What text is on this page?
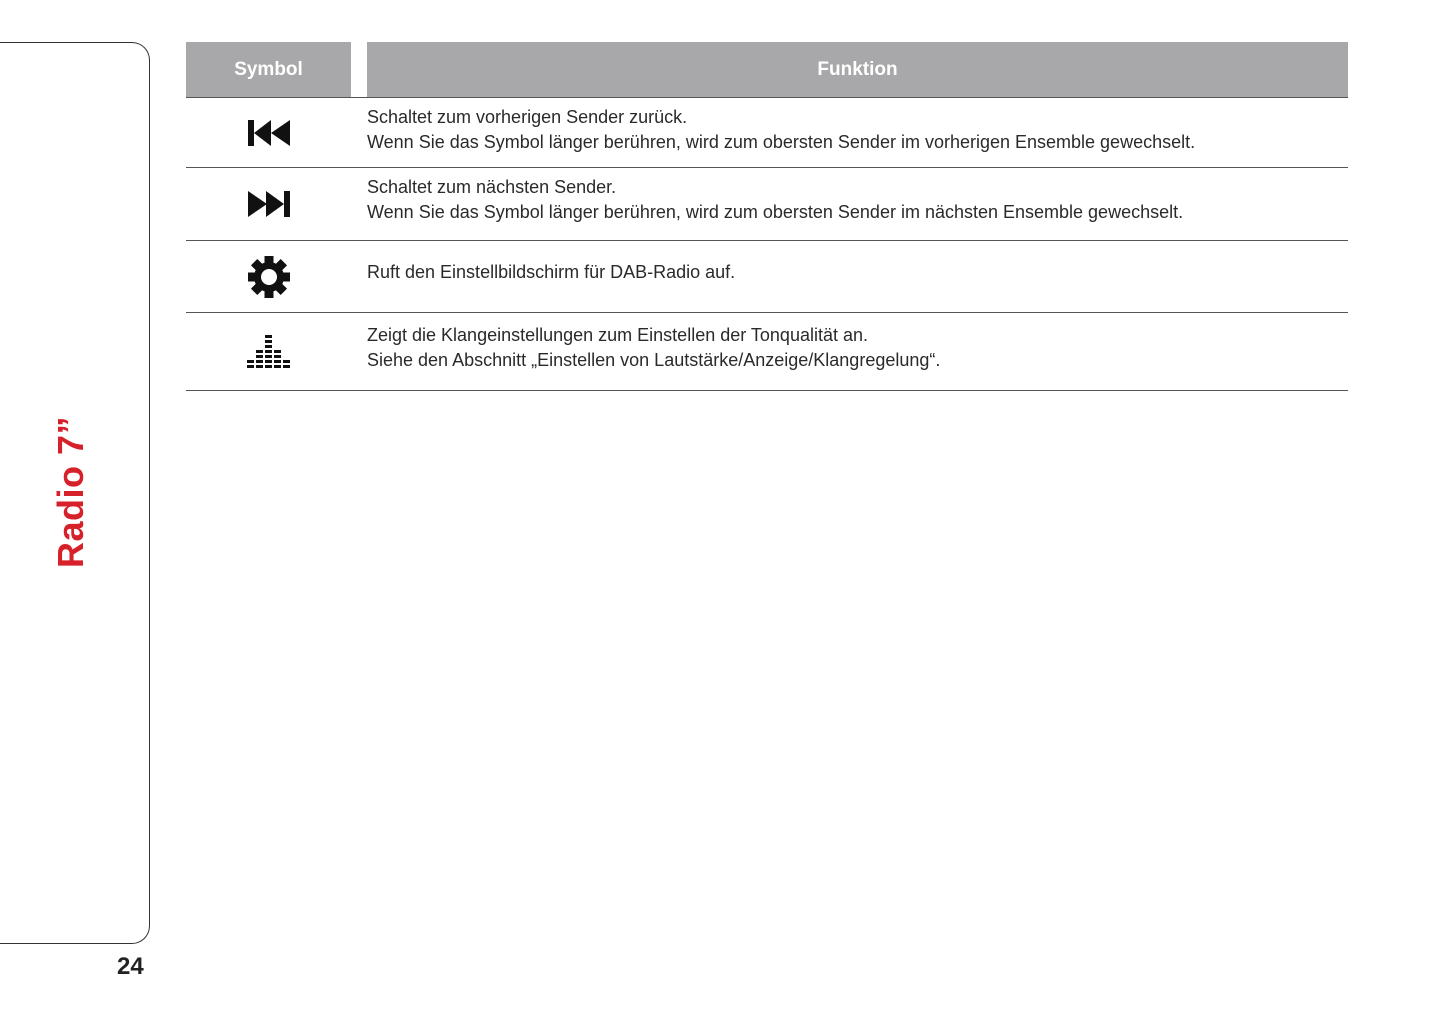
Radio 7”
Symbol	Funktion
Schaltet zum vorherigen Sender zurück.
Wenn Sie das Symbol länger berühren, wird zum obersten Sender im vorherigen Ensemble gewechselt.
Schaltet zum nächsten Sender.
Wenn Sie das Symbol länger berühren, wird zum obersten Sender im nächsten Ensemble gewechselt.
Ruft den Einstellbildschirm für DAB-Radio auf.
Zeigt die Klangeinstellungen zum Einstellen der Tonqualität an.
Siehe den Abschnitt „Einstellen von Lautstärke/Anzeige/Klangregelung“.
24
